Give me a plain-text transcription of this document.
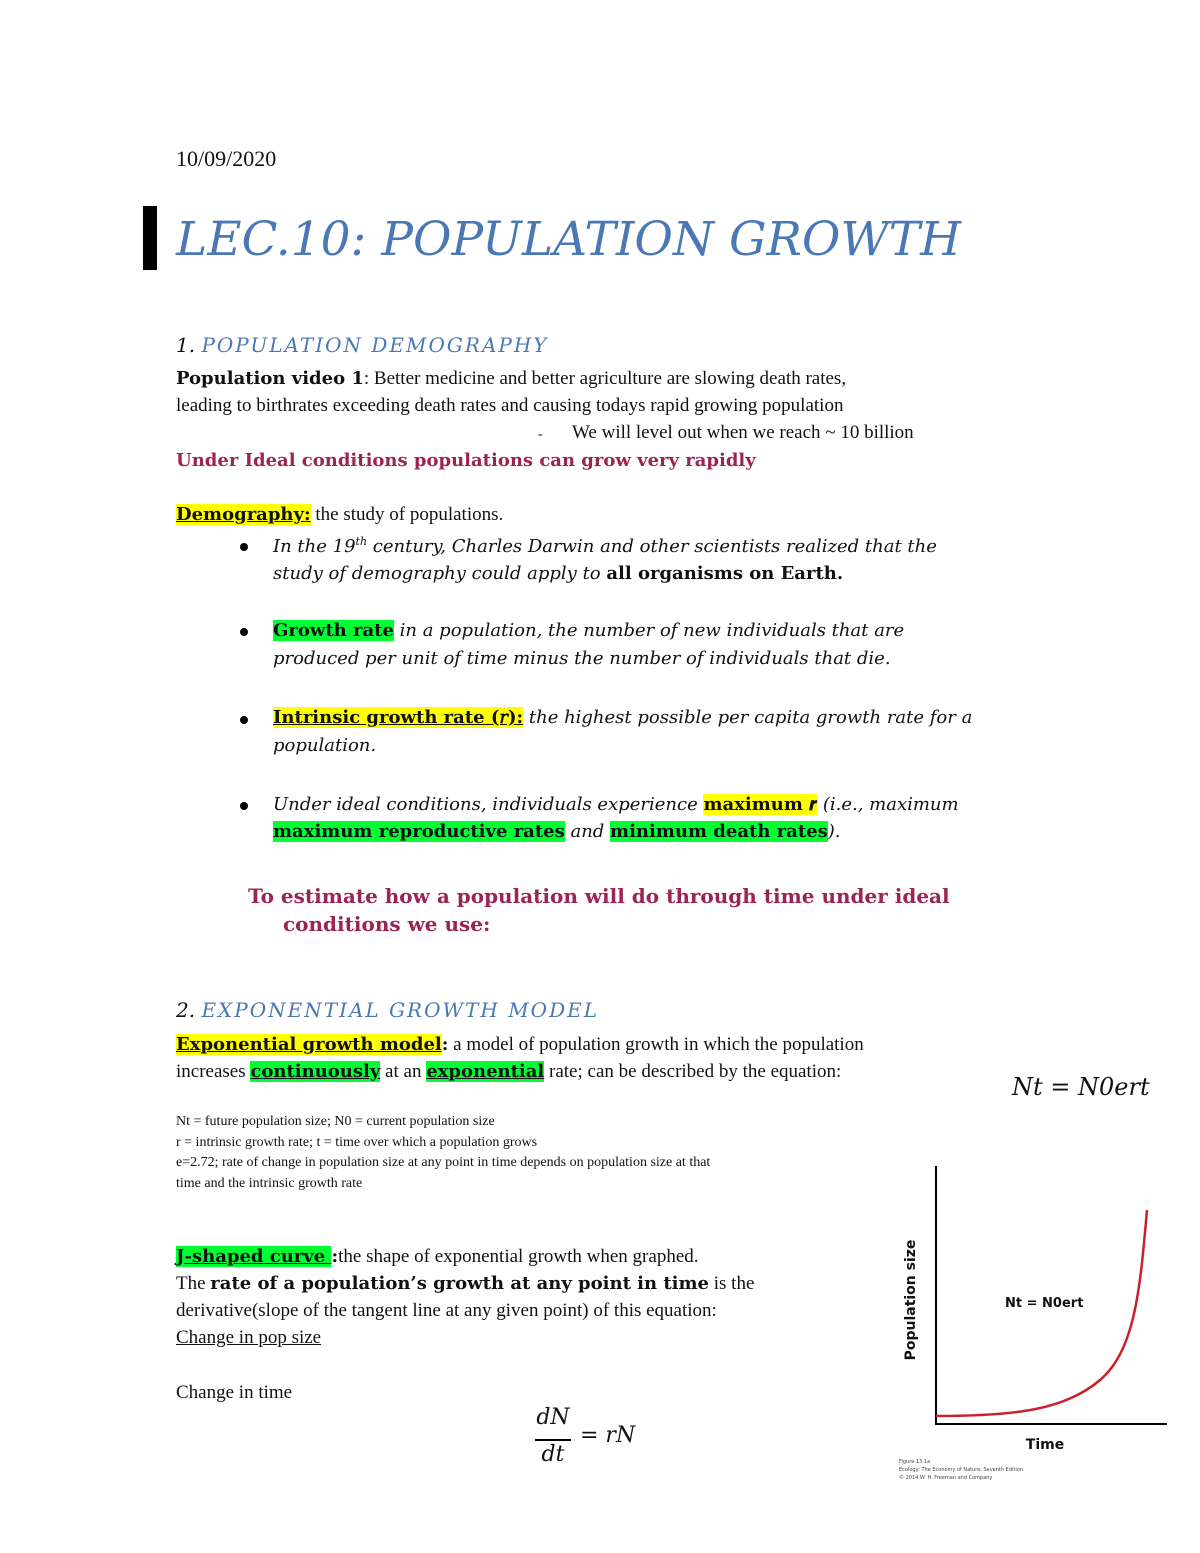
10/09/2020
LEC.10: POPULATION GROWTH
1. POPULATION DEMOGRAPHY
Population video 1: Better medicine and better agriculture are slowing death rates,
leading to birthrates exceeding death rates and causing todays rapid growing population
- We will level out when we reach ~ 10 billion
Under Ideal conditions populations can grow very rapidly
Demography: the study of populations.
In the 19th century, Charles Darwin and other scientists realized that the
study of demography could apply to all organisms on Earth.
Growth rate in a population, the number of new individuals that are
produced per unit of time minus the number of individuals that die.
Intrinsic growth rate (𝑟): the highest possible per capita growth rate for a
population.
Under ideal conditions, individuals experience maximum 𝒓 (i.e., maximum
maximum reproductive rates and minimum death rates).
To estimate how a population will do through time under ideal
conditions we use:
2. EXPONENTIAL GROWTH MODEL
Exponential growth model: a model of population growth in which the population
increases continuously at an exponential rate; can be described by the equation:
𝑁𝑡 = 𝑁0e𝑟𝑡
Nt = future population size; N0 = current population size
r = intrinsic growth rate; t = time over which a population grows
e=2.72; rate of change in population size at any point in time depends on population size at that
time and the intrinsic growth rate
J-shaped curve :the shape of exponential growth when graphed.
The rate of a population’s growth at any point in time is the
derivative(slope of the tangent line at any given point) of this equation:
Change in pop size
Change in time
𝑑𝑁
𝑑𝑡
= 𝑟𝑁
Population size
Time
Nt = N0ert
Figure 13.1a
Ecology: The Economy of Nature, Seventh Edition
© 2014 W. H. Freeman and Company
